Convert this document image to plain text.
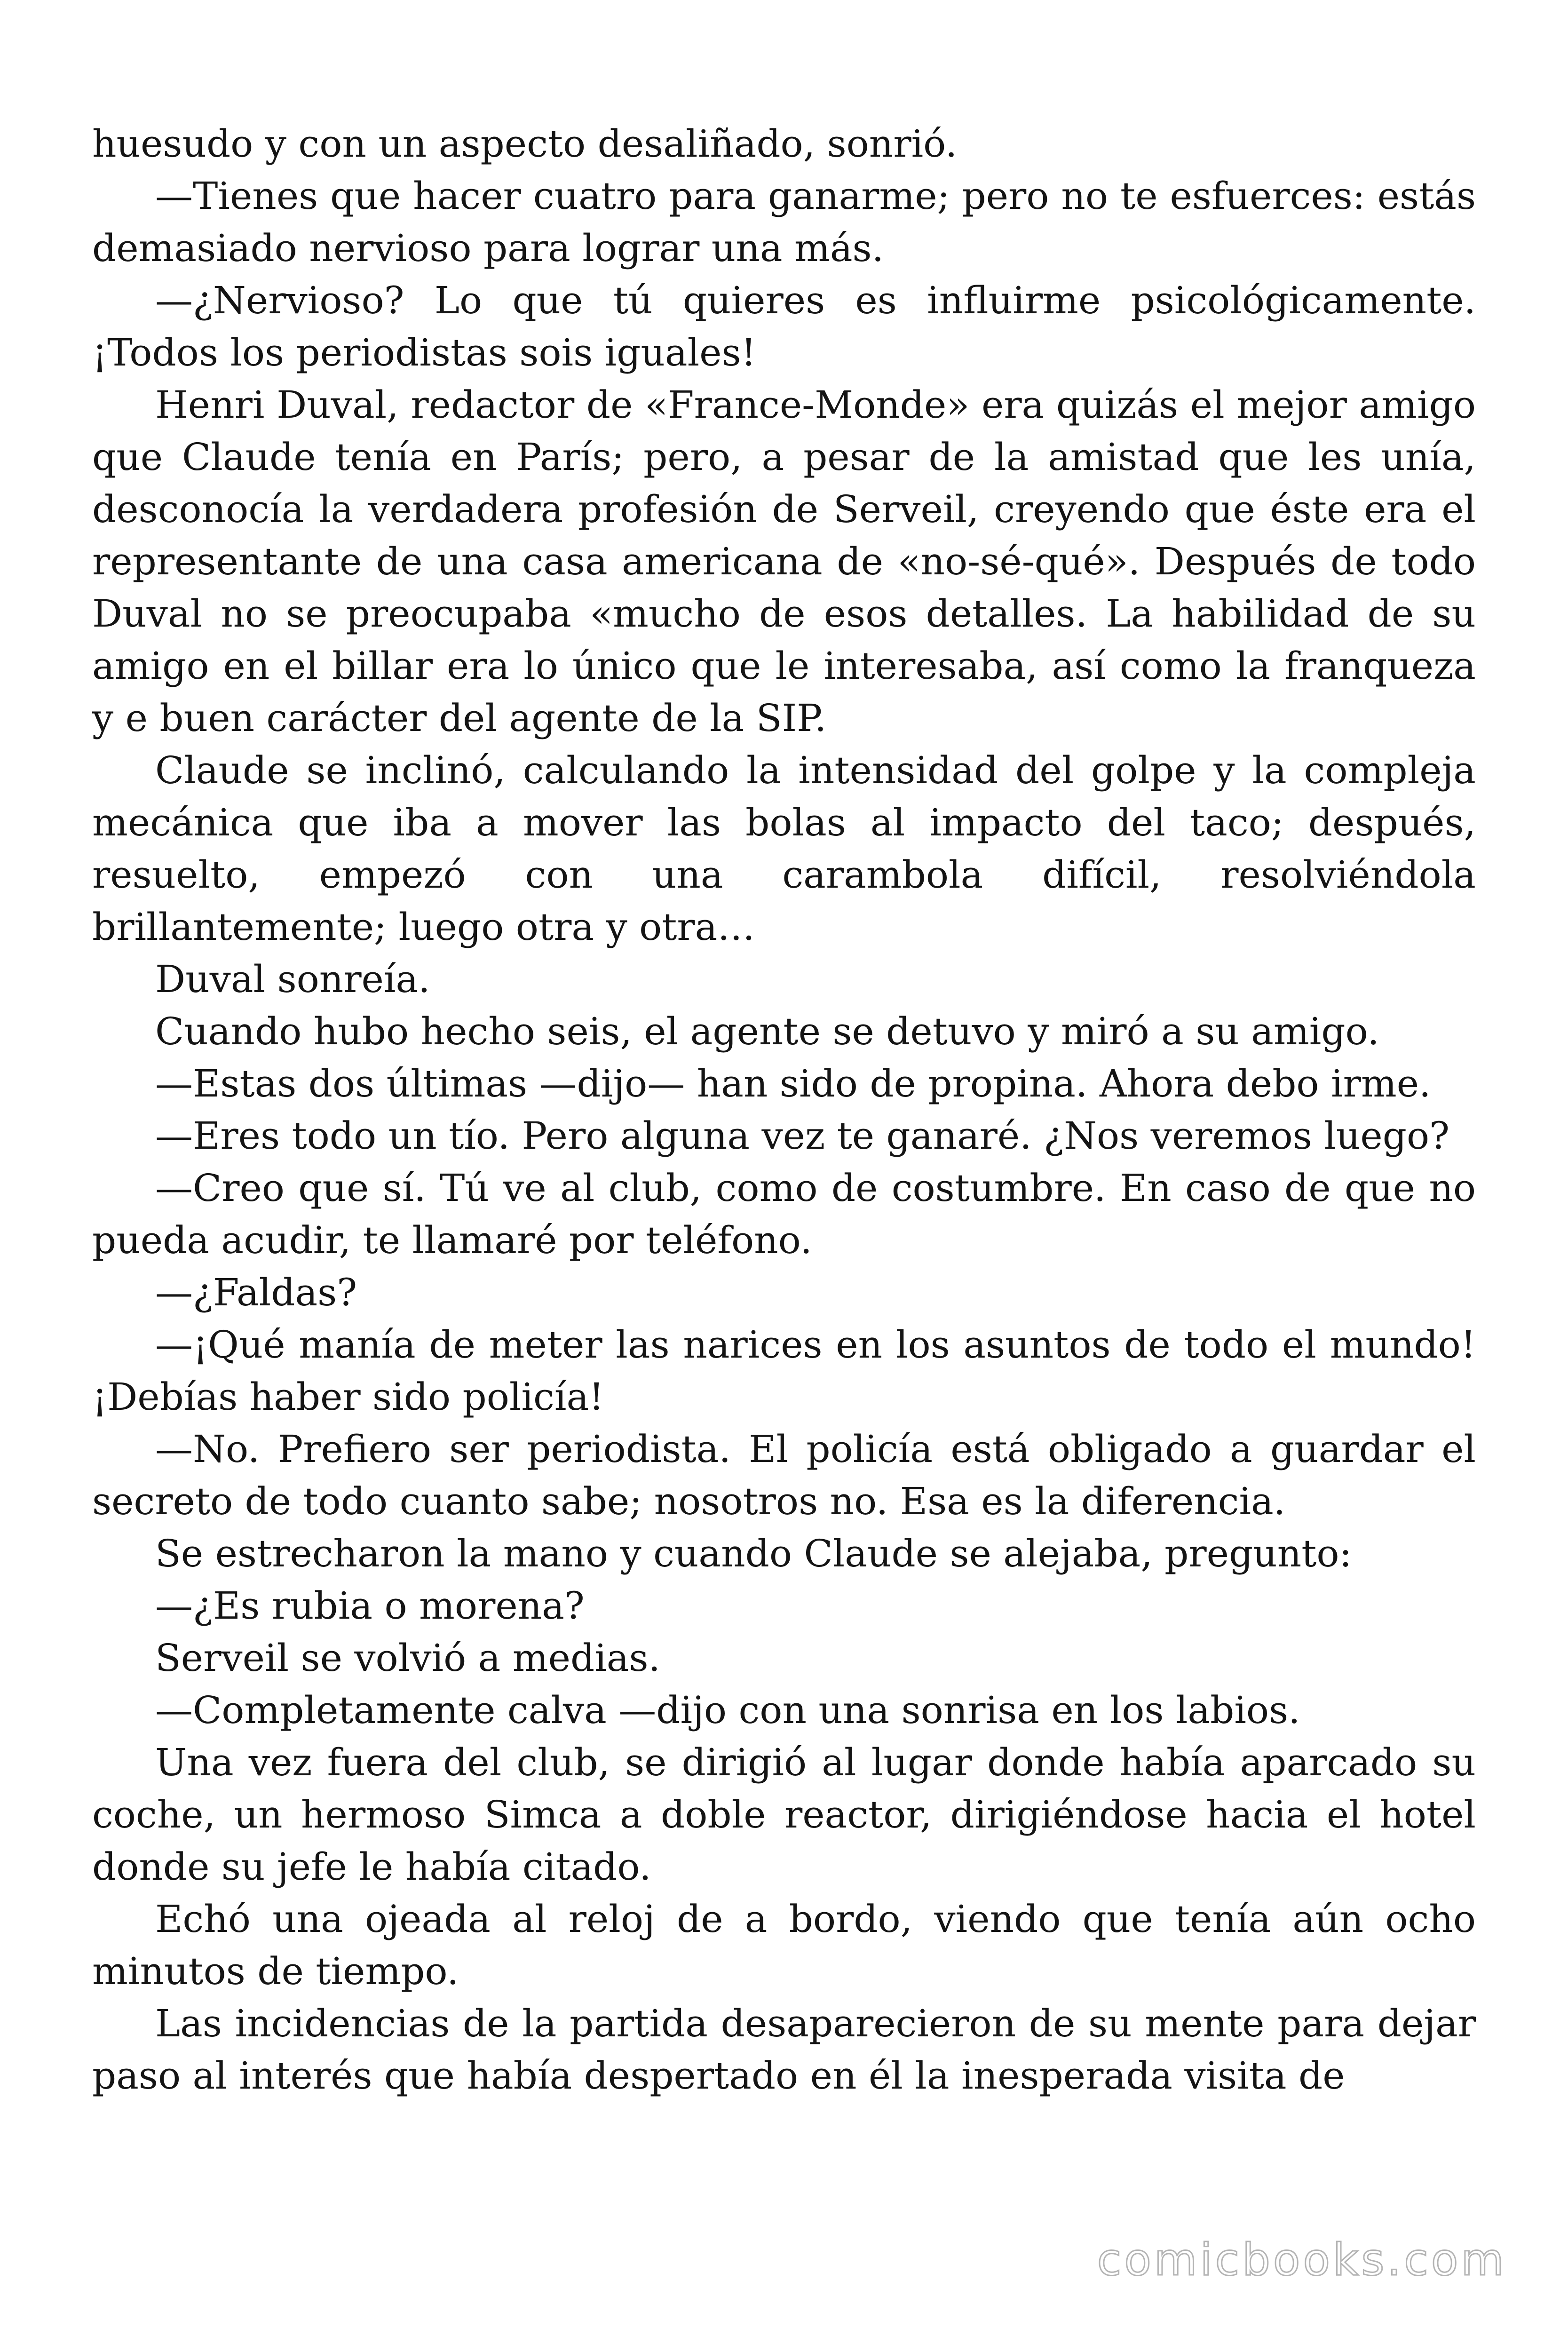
huesudo y con un aspecto desaliñado, sonrió.

—Tienes que hacer cuatro para ganarme; pero no te esfuerces: estás demasiado nervioso para lograr una más.

—¿Nervioso? Lo que tú quieres es influirme psicológicamente. ¡Todos los periodistas sois iguales!

Henri Duval, redactor de «France-Monde» era quizás el mejor amigo que Claude tenía en París; pero, a pesar de la amistad que les unía, desconocía la verdadera profesión de Serveil, creyendo que éste era el representante de una casa americana de «no-sé-qué». Después de todo Duval no se preocupaba «mucho de esos detalles. La habilidad de su amigo en el billar era lo único que le interesaba, así como la franqueza y e buen carácter del agente de la SIP.

Claude se inclinó, calculando la intensidad del golpe y la compleja mecánica que iba a mover las bolas al impacto del taco; después, resuelto, empezó con una carambola difícil, resolviéndola brillantemente; luego otra y otra…

Duval sonreía.

Cuando hubo hecho seis, el agente se detuvo y miró a su amigo.

—Estas dos últimas —dijo— han sido de propina. Ahora debo irme.

—Eres todo un tío. Pero alguna vez te ganaré. ¿Nos veremos luego?

—Creo que sí. Tú ve al club, como de costumbre. En caso de que no pueda acudir, te llamaré por teléfono.

—¿Faldas?

—¡Qué manía de meter las narices en los asuntos de todo el mundo! ¡Debías haber sido policía!

—No. Prefiero ser periodista. El policía está obligado a guardar el secreto de todo cuanto sabe; nosotros no. Esa es la diferencia.

Se estrecharon la mano y cuando Claude se alejaba, pregunto:

—¿Es rubia o morena?

Serveil se volvió a medias.

—Completamente calva —dijo con una sonrisa en los labios.

Una vez fuera del club, se dirigió al lugar donde había aparcado su coche, un hermoso Simca a doble reactor, dirigiéndose hacia el hotel donde su jefe le había citado.

Echó una ojeada al reloj de a bordo, viendo que tenía aún ocho minutos de tiempo.

Las incidencias de la partida desaparecieron de su mente para dejar paso al interés que había despertado en él la inesperada visita de

comicbooks.com
